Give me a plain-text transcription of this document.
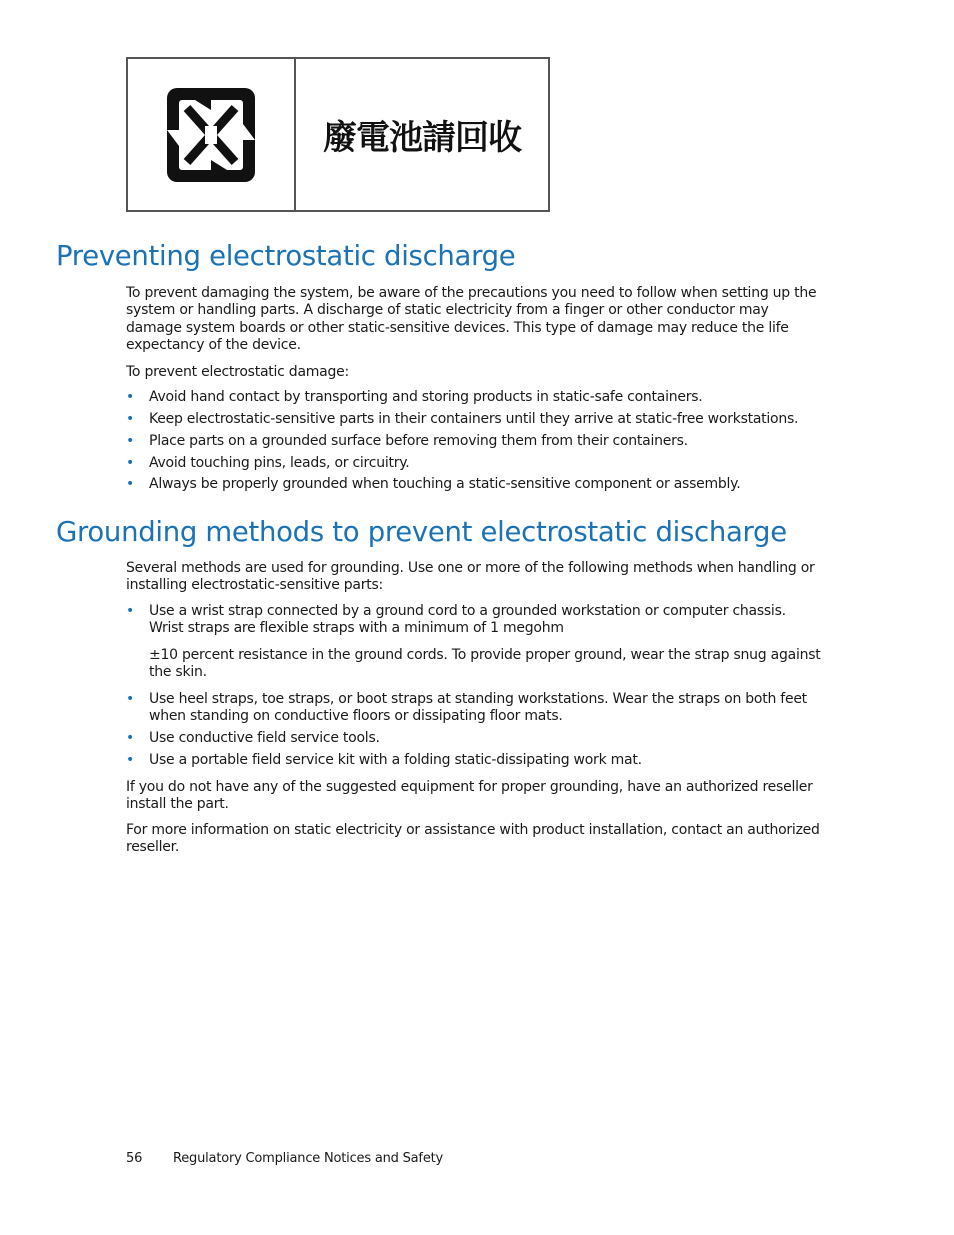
廢電池請回收
Preventing electrostatic discharge

To prevent damaging the system, be aware of the precautions you need to follow when setting up the system or handling parts. A discharge of static electricity from a finger or other conductor may damage system boards or other static-sensitive devices. This type of damage may reduce the life expectancy of the device.

To prevent electrostatic damage:

• Avoid hand contact by transporting and storing products in static-safe containers.
• Keep electrostatic-sensitive parts in their containers until they arrive at static-free workstations.
• Place parts on a grounded surface before removing them from their containers.
• Avoid touching pins, leads, or circuitry.
• Always be properly grounded when touching a static-sensitive component or assembly.
Grounding methods to prevent electrostatic discharge

Several methods are used for grounding. Use one or more of the following methods when handling or installing electrostatic-sensitive parts:

• Use a wrist strap connected by a ground cord to a grounded workstation or computer chassis. Wrist straps are flexible straps with a minimum of 1 megohm

±10 percent resistance in the ground cords. To provide proper ground, wear the strap snug against the skin.

• Use heel straps, toe straps, or boot straps at standing workstations. Wear the straps on both feet when standing on conductive floors or dissipating floor mats.
• Use conductive field service tools.
• Use a portable field service kit with a folding static-dissipating work mat.

If you do not have any of the suggested equipment for proper grounding, have an authorized reseller install the part.

For more information on static electricity or assistance with product installation, contact an authorized reseller.

56 Regulatory Compliance Notices and Safety
